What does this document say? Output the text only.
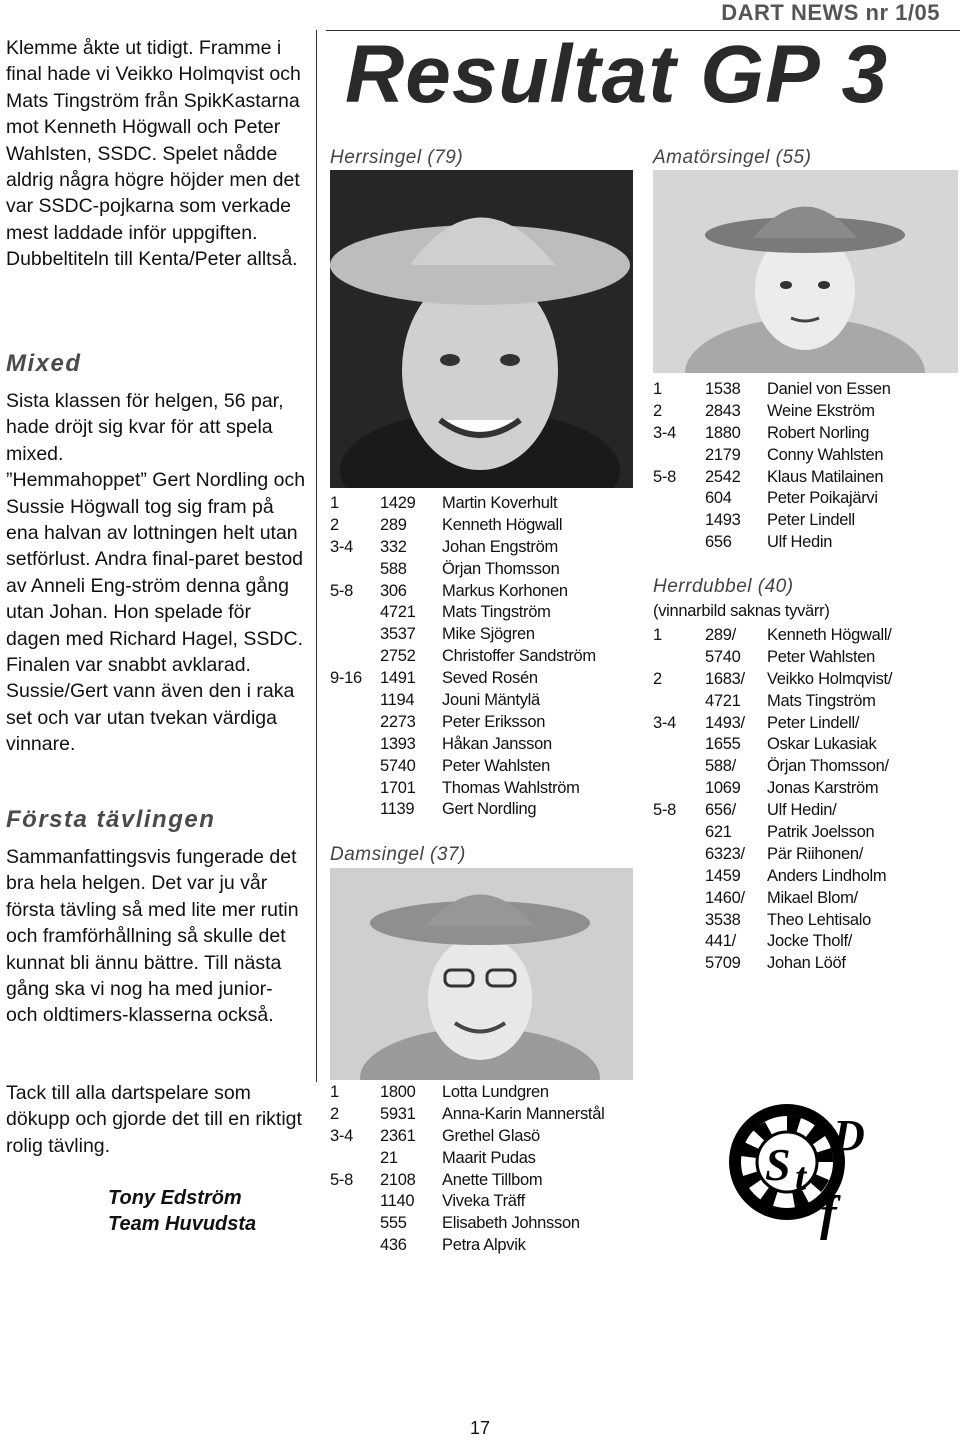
DART NEWS nr 1/05
Resultat GP 3

Klemme åkte ut tidigt. Framme i final hade vi Veikko Holmqvist och Mats Tingström från SpikKastarna mot Kenneth Högwall och Peter Wahlsten, SSDC. Spelet nådde aldrig några högre höjder men det var SSDC-pojkarna som verkade mest laddade inför uppgiften. Dubbeltiteln till Kenta/Peter alltså.

Mixed

Sista klassen för helgen, 56 par, hade dröjt sig kvar för att spela mixed.

”Hemmahoppet” Gert Nordling och Sussie Högwall tog sig fram på ena halvan av lottningen helt utan setförlust. Andra final-paret bestod av Anneli Eng-ström denna gång utan Johan. Hon spelade för dagen med Richard Hagel, SSDC. Finalen var snabbt avklarad. Sussie/Gert vann även den i raka set och var utan tvekan värdiga vinnare.

Första tävlingen

Sammanfattingsvis fungerade det bra hela helgen. Det var ju vår första tävling så med lite mer rutin och framförhållning så skulle det kunnat bli ännu bättre. Till nästa gång ska vi nog ha med junior- och oldtimers-klasserna också.

Tack till alla dartspelare som dökupp och gjorde det till en riktigt rolig tävling.

Tony Edström
Team Huvudsta
Herrsingel (79)
1 1429 Martin Koverhult
2 289 Kenneth Högwall
3-4 332 Johan Engström
588 Örjan Thomsson
5-8 306 Markus Korhonen
4721 Mats Tingström
3537 Mike Sjögren
2752 Christoffer Sandström
9-16 1491 Seved Rosén
1194 Jouni Mäntylä
2273 Peter Eriksson
1393 Håkan Jansson
5740 Peter Wahlsten
1701 Thomas Wahlström
1139 Gert Nordling
Damsingel (37)
1 1800 Lotta Lundgren
2 5931 Anna-Karin Mannerstål
3-4 2361 Grethel Glasö
21	Maarit Pudas
5-8 2108 Anette Tillbom
1140 Viveka Träff
555 Elisabeth Johnsson
436 Petra Alpvik
Amatörsingel (55)
1	1538 Daniel von Essen
2	2843 Weine Ekström
3-4 1880 Robert Norling
2179 Conny Wahlsten
5-8 2542 Klaus Matilainen
604 Peter Poikajärvi
1493 Peter Lindell
656 Ulf Hedin
Herrdubbel (40)
(vinnarbild saknas tyvärr)
1	289/ Kenneth Högwall/
5740 Peter Wahlsten
2	1683/ Veikko Holmqvist/
4721 Mats Tingström
3-4 1493/ Peter Lindell/
1655 Oskar Lukasiak
588/ Örjan Thomsson/
1069 Jonas Karström
5-8 656/ Ulf Hedin/
621 Patrik Joelsson
6323/ Pär Riihonen/
1459 Anders Lindholm
1460/ Mikael Blom/
3538 Theo Lehtisalo
441/ Jocke Tholf/
5709 Johan Lööf
S t
f
D
17
